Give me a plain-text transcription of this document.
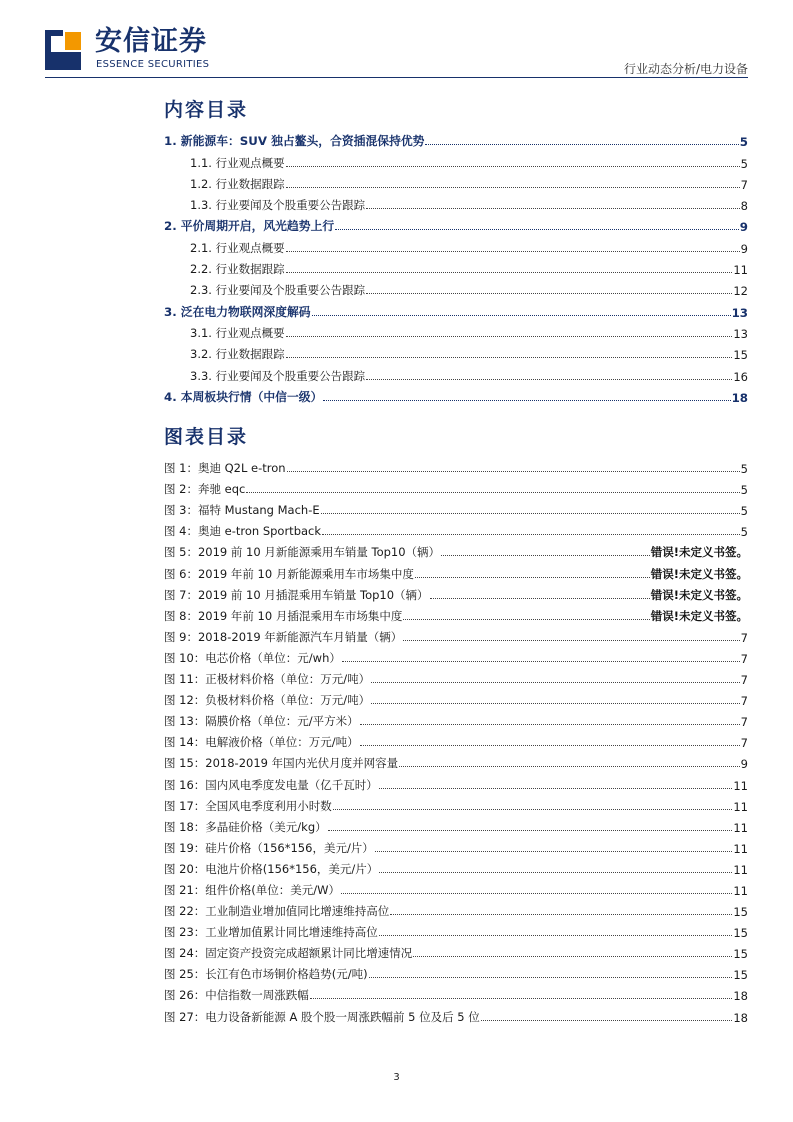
安信证券
ESSENCE SECURITIES	行业动态分析/电力设备
内容目录
1. 新能源车：SUV 独占鳌头，合资插混保持优势	5
1.1. 行业观点概要	5
1.2. 行业数据跟踪	7
1.3. 行业要闻及个股重要公告跟踪	8
2. 平价周期开启，风光趋势上行	9
2.1. 行业观点概要	9
2.2. 行业数据跟踪	11
2.3. 行业要闻及个股重要公告跟踪	12
3. 泛在电力物联网深度解码	13
3.1. 行业观点概要	13
3.2. 行业数据跟踪	15
3.3. 行业要闻及个股重要公告跟踪	16
4. 本周板块行情（中信一级）	18
图表目录
图 1：奥迪 Q2L e-tron	5
图 2：奔驰 eqc	5
图 3：福特 Mustang Mach-E	5
图 4：奥迪 e-tron Sportback	5
图 5：2019 前 10 月新能源乘用车销量 Top10（辆）	错误!未定义书签。
图 6：2019 年前 10 月新能源乘用车市场集中度	错误!未定义书签。
图 7：2019 前 10 月插混乘用车销量 Top10（辆）	错误!未定义书签。
图 8：2019 年前 10 月插混乘用车市场集中度	错误!未定义书签。
图 9：2018-2019 年新能源汽车月销量（辆）	7
图 10：电芯价格（单位：元/wh）	7
图 11：正极材料价格（单位：万元/吨）	7
图 12：负极材料价格（单位：万元/吨）	7
图 13：隔膜价格（单位：元/平方米）	7
图 14：电解液价格（单位：万元/吨）	7
图 15：2018-2019 年国内光伏月度并网容量	9
图 16：国内风电季度发电量（亿千瓦时）	11
图 17：全国风电季度利用小时数	11
图 18：多晶硅价格（美元/kg）	11
图 19：硅片价格（156*156，美元/片）	11
图 20：电池片价格(156*156，美元/片）	11
图 21：组件价格(单位：美元/W）	11
图 22：工业制造业增加值同比增速维持高位	15
图 23：工业增加值累计同比增速维持高位	15
图 24：固定资产投资完成超额累计同比增速情况	15
图 25：长江有色市场铜价格趋势(元/吨)	15
图 26：中信指数一周涨跌幅	18
图 27：电力设备新能源 A 股个股一周涨跌幅前 5 位及后 5 位	18
3
